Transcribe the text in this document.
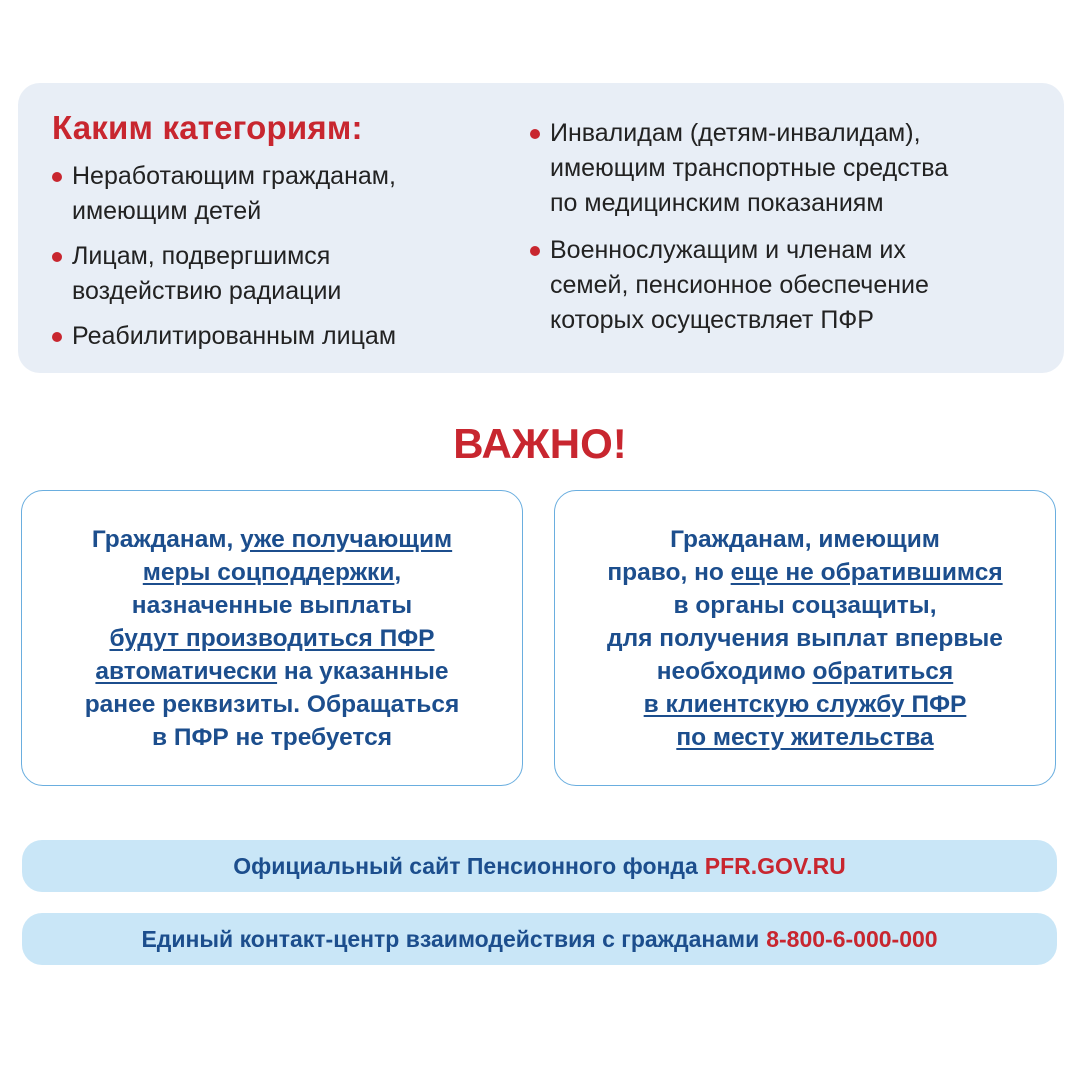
Каким категориям:
Неработающим гражданам,
имеющим детей
Лицам, подвергшимся
воздействию радиации
Реабилитированным лицам
Инвалидам (детям-инвалидам),
имеющим транспортные средства
по медицинским показаниям
Военнослужащим и членам их
семей, пенсионное обеспечение
которых осуществляет ПФР
ВАЖНО!

Гражданам, уже получающим
меры соцподдержки,
назначенные выплаты
будут производиться ПФР
автоматически на указанные
ранее реквизиты. Обращаться
в ПФР не требуется

Гражданам, имеющим
право, но еще не обратившимся
в органы соцзащиты,
для получения выплат впервые
необходимо обратиться
в клиентскую службу ПФР
по месту жительства

Официальный сайт Пенсионного фонда PFR.GOV.RU
Единый контакт-центр взаимодействия с гражданами 8-800-6-000-000
